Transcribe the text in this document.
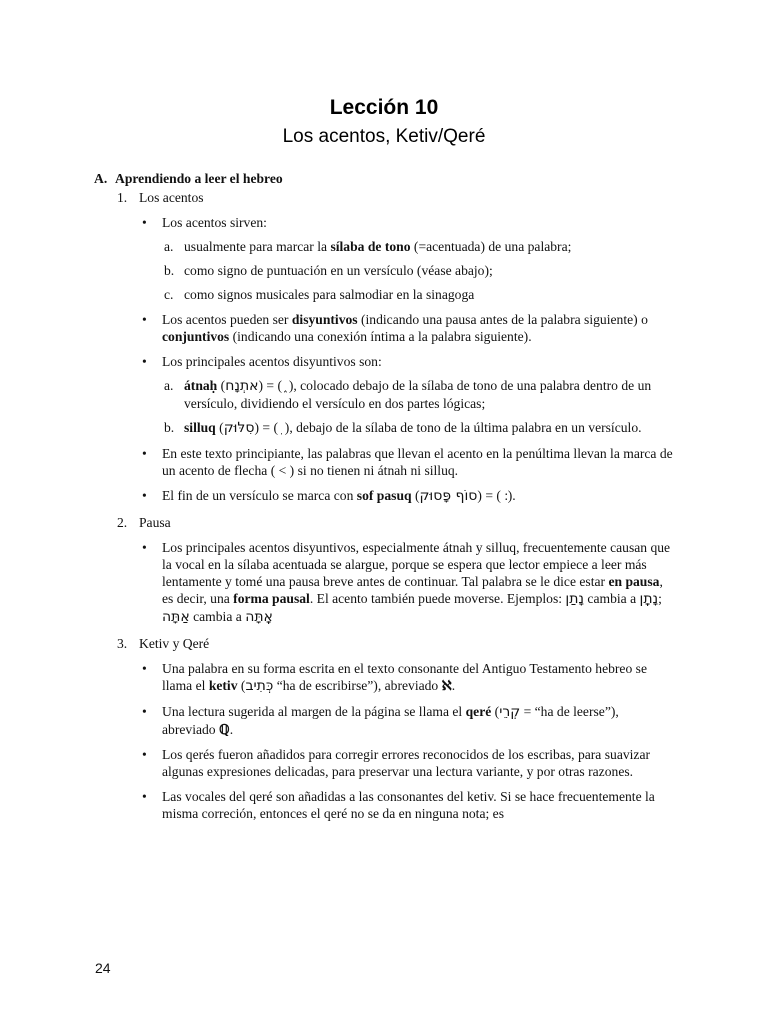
Lección 10
Los acentos, Ketiv/Qeré
A. Aprendiendo a leer el hebreo
1. Los acentos
• Los acentos sirven:
a. usualmente para marcar la sílaba de tono (=acentuada) de una palabra;
b. como signo de puntuación en un versículo (véase abajo);
c. como signos musicales para salmodiar en la sinagoga
• Los acentos pueden ser disyuntivos (indicando una pausa antes de la palabra siguiente) o conjuntivos (indicando una conexión íntima a la palabra siguiente).
• Los principales acentos disyuntivos son:
a. átnaḥ (אתְנָח) = ( ֑ ), colocado debajo de la sílaba de tono de una palabra dentro de un versículo, dividiendo el versículo en dos partes lógicas;
b. silluq (סִלּוּק) = ( ֽ ), debajo de la sílaba de tono de la última palabra en un versículo.
• En este texto principiante, las palabras que llevan el acento en la penúltima llevan la marca de un acento de flecha ( < ) si no tienen ni átnah ni silluq.
• El fin de un versículo se marca con sof pasuq (סוֹף פָּסוּק) = ( ).
2. Pausa
• Los principales acentos disyuntivos, especialmente átnah y silluq, frecuentemente causan que la vocal en la sílaba acentuada se alargue, porque se espera que lector empiece a leer más lentamente y tomé una pausa breve antes de continuar. Tal palabra se le dice estar en pausa, es decir, una forma pausal. El acento también puede moverse. Ejemplos: נָתַן cambia a נָתָֽן; אַתָּה cambia a אָֽתָּה
3. Ketiv y Qeré
• Una palabra en su forma escrita en el texto consonante del Antiguo Testamento hebreo se llama el ketiv (כְּתִיב “ha de escribirse”), abreviado ℵ.
• Una lectura sugerida al margen de la página se llama el qeré (קְרֵי = “ha de leerse”), abreviado ℚ.
• Los qerés fueron añadidos para corregir errores reconocidos de los escribas, para suavizar algunas expresiones delicadas, para preservar una lectura variante, y por otras razones.
• Las vocales del qeré son añadidas a las consonantes del ketiv. Si se hace frecuentemente la misma correción, entonces el qeré no se da en ninguna nota; es
24
